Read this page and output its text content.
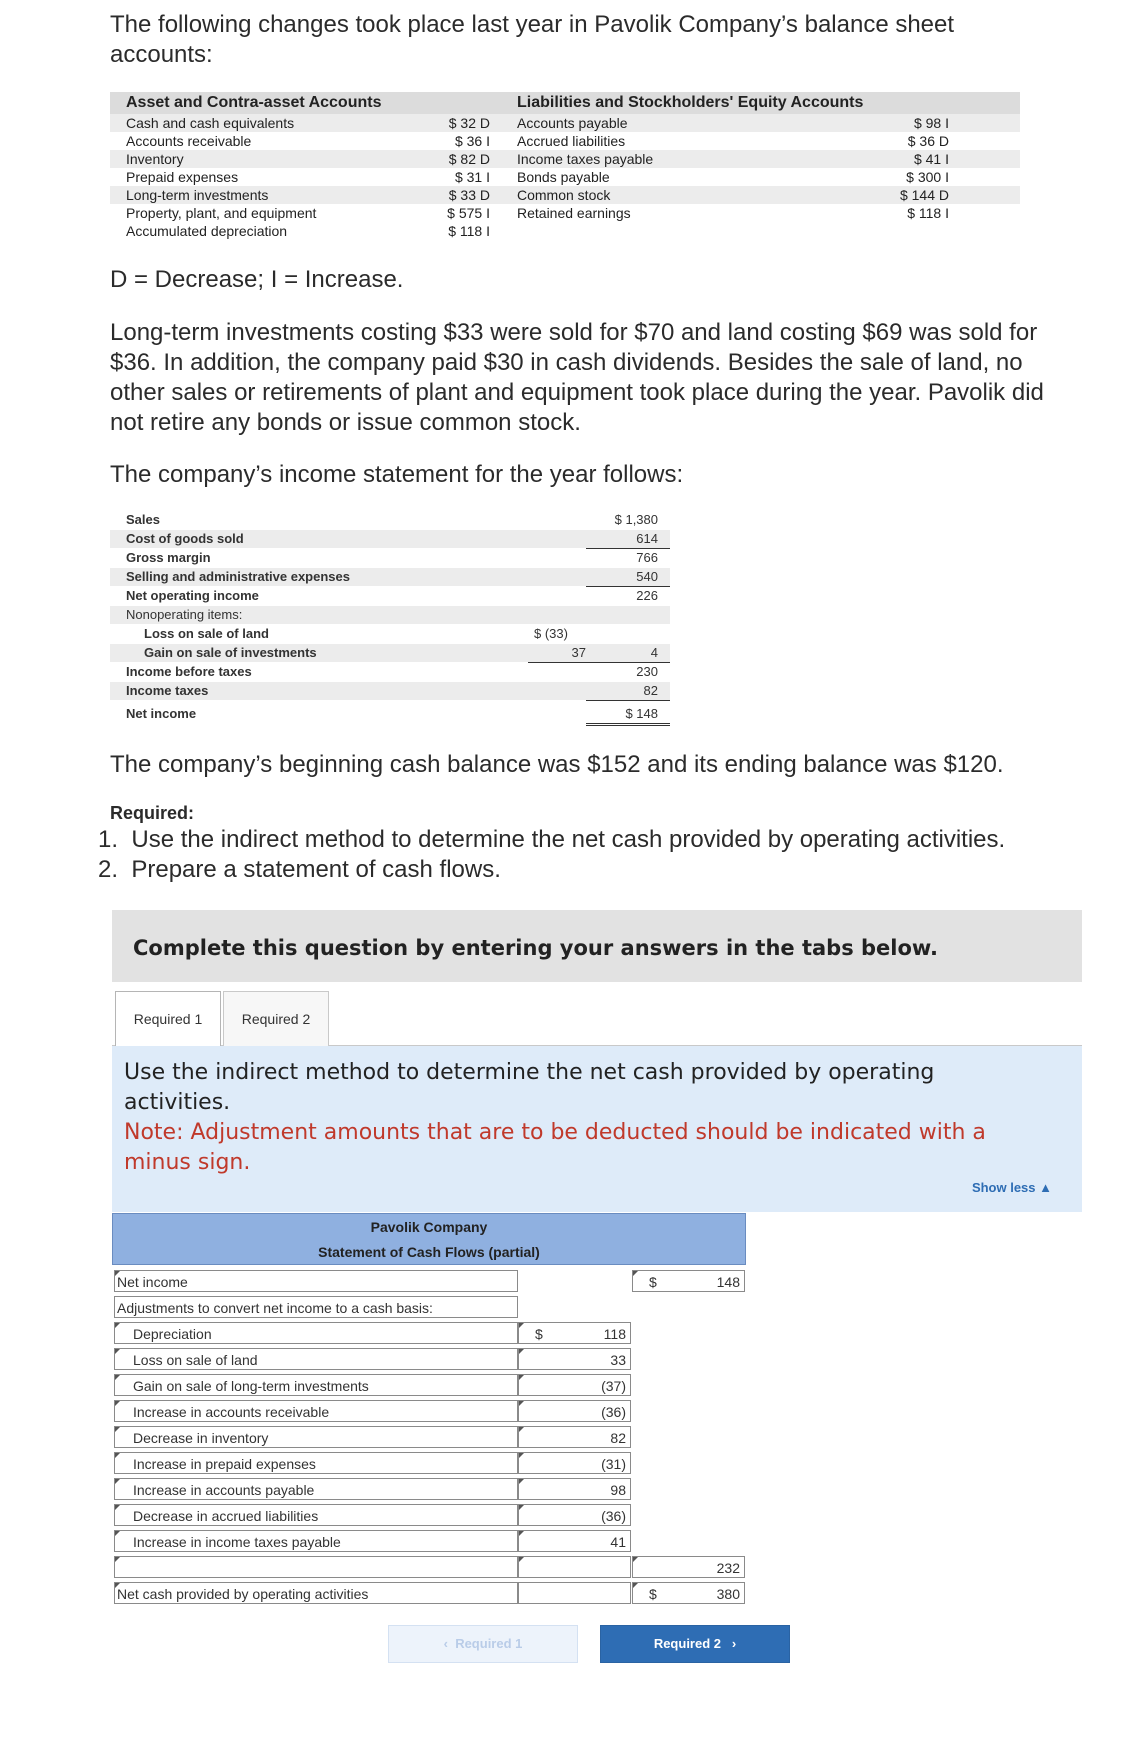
The following changes took place last year in Pavolik Company’s balance sheet
accounts:
Asset and Contra-asset Accounts	Liabilities and Stockholders' Equity Accounts
Cash and cash equivalents	$ 32 D Accounts payable	$ 98 I
Accounts receivable	$ 36 I Accrued liabilities	$ 36 D
Inventory	$ 82 D Income taxes payable	$ 41 I
Prepaid expenses	$ 31 I Bonds payable	$ 300 I
Long-term investments	$ 33 D Common stock	$ 144 D
Property, plant, and equipment	$ 575 I Retained earnings	$ 118 I
Accumulated depreciation	$ 118 I
D = Decrease; I = Increase.
Long-term investments costing $33 were sold for $70 and land costing $69 was sold for
$36. In addition, the company paid $30 in cash dividends. Besides the sale of land, no
other sales or retirements of plant and equipment took place during the year. Pavolik did
not retire any bonds or issue common stock.
The company’s income statement for the year follows:
Sales	$ 1,380
Cost of goods sold	614
Gross margin	766
Selling and administrative expenses	540
Net operating income	226
Nonoperating items:
Loss on sale of land	$ (33)
Gain on sale of investments	37	4
Income before taxes	230
Income taxes	82
Net income	$ 148
The company’s beginning cash balance was $152 and its ending balance was $120.
Required:
1.  Use the indirect method to determine the net cash provided by operating activities.
2.  Prepare a statement of cash flows.
Complete this question by entering your answers in the tabs below.
Required 1	Required 2
Use the indirect method to determine the net cash provided by operating
activities.
Note: Adjustment amounts that are to be deducted should be indicated with a
minus sign.
Show less ▲
Pavolik Company
Statement of Cash Flows (partial)
Net income	$	148
Adjustments to convert net income to a cash basis:
Depreciation	$	118
Loss on sale of land	33
Gain on sale of long-term investments	(37)
Increase in accounts receivable	(36)
Decrease in inventory	82
Increase in prepaid expenses	(31)
Increase in accounts payable	98
Decrease in accrued liabilities	(36)
Increase in income taxes payable	41
232
Net cash provided by operating activities	$	380
‹ Required 1	Required 2 ›
